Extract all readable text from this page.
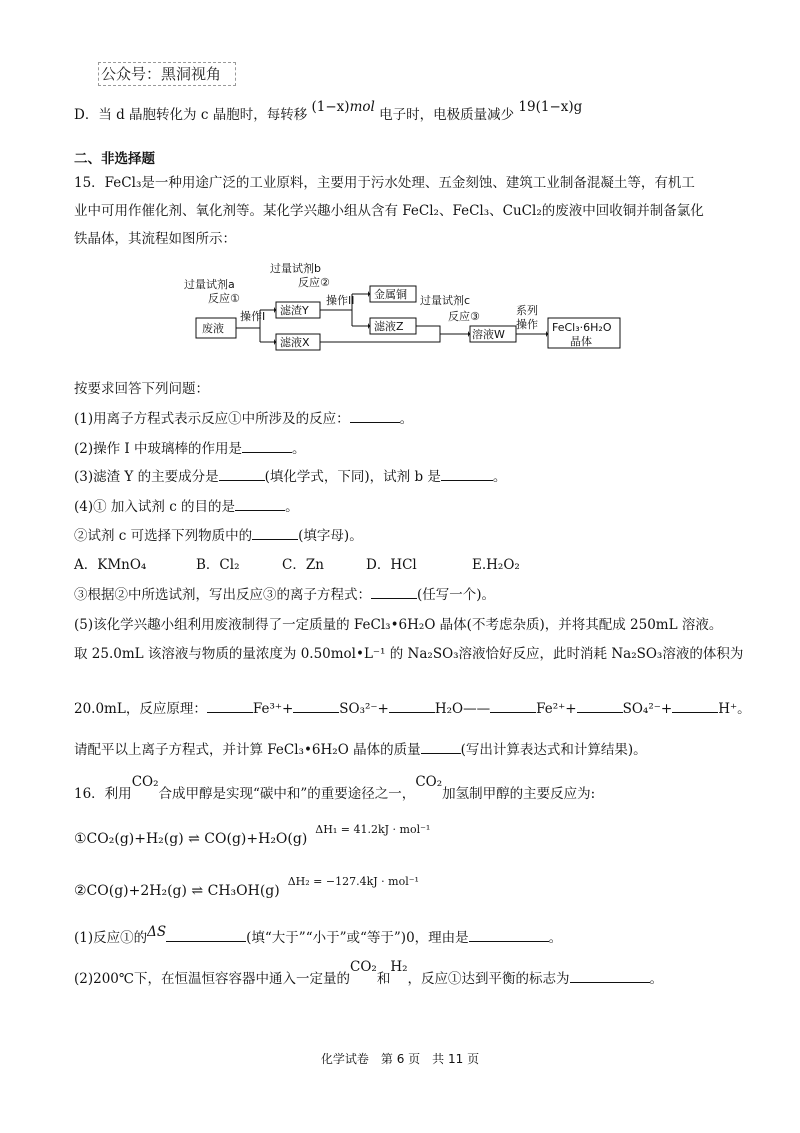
公众号：黑洞视角
D．当 d 晶胞转化为 c 晶胞时，每转移 (1−x)mol 电子时，电极质量减少 19(1−x)g
二、非选择题
15．FeCl₃是一种用途广泛的工业原料，主要用于污水处理、五金刻蚀、建筑工业制备混凝土等，有机工
业中可用作催化剂、氧化剂等。某化学兴趣小组从含有 FeCl₂、FeCl₃、CuCl₂的废液中回收铜并制备氯化
铁晶体，其流程如图所示：
过量试剂a
反应①
操作I
废液
滤渣Y
滤液X
过量试剂b
反应②
操作II 金属铜
滤液Z
过量试剂c
反应③
溶液W
系列
操作 FeCl₃·6H₂O
晶体
按要求回答下列问题：
(1)用离子方程式表示反应①中所涉及的反应：	。
(2)操作 I 中玻璃棒的作用是	。
(3)滤渣 Y 的主要成分是	(填化学式，下同)，试剂 b 是	。
(4)① 加入试剂 c 的目的是	。
②试剂 c 可选择下列物质中的	(填字母)。
A．KMnO₄	B．Cl₂	C．Zn	D．HCl	E.H₂O₂
③根据②中所选试剂，写出反应③的离子方程式：	(任写一个)。
(5)该化学兴趣小组利用废液制得了一定质量的 FeCl₃•6H₂O 晶体(不考虑杂质)，并将其配成 250mL 溶液。
取 25.0mL 该溶液与物质的量浓度为 0.50mol•L⁻¹ 的 Na₂SO₃溶液恰好反应，此时消耗 Na₂SO₃溶液的体积为
20.0mL，反应原理：	Fe³⁺+	SO₃²⁻+	H₂O——	Fe²⁺+	SO₄²⁻+	H⁺。
请配平以上离子方程式，并计算 FeCl₃•6H₂O 晶体的质量	(写出计算表达式和计算结果)。
16．利用CO₂合成甲醇是实现“碳中和”的重要途径之一，CO₂加氢制甲醇的主要反应为:
①CO₂(g)+H₂(g) ⇌ $CO(g)+H_2O(g)^{\Delta H_1 = 41.2kJ \cdot mol^{-1}}$
②CO(g)+2H₂(g) ⇌ $CH_3OH(g)^{\Delta H_2 = -127.4kJ \cdot mol^{-1}}$
(1)反应①的ΔS	(填“大于”“小于”或“等于”)0，理由是	。
(2)200℃下，在恒温恒容容器中通入一定量的CO₂和H₂，反应①达到平衡的标志为	。
化学试卷　第 6 页　共 11 页
